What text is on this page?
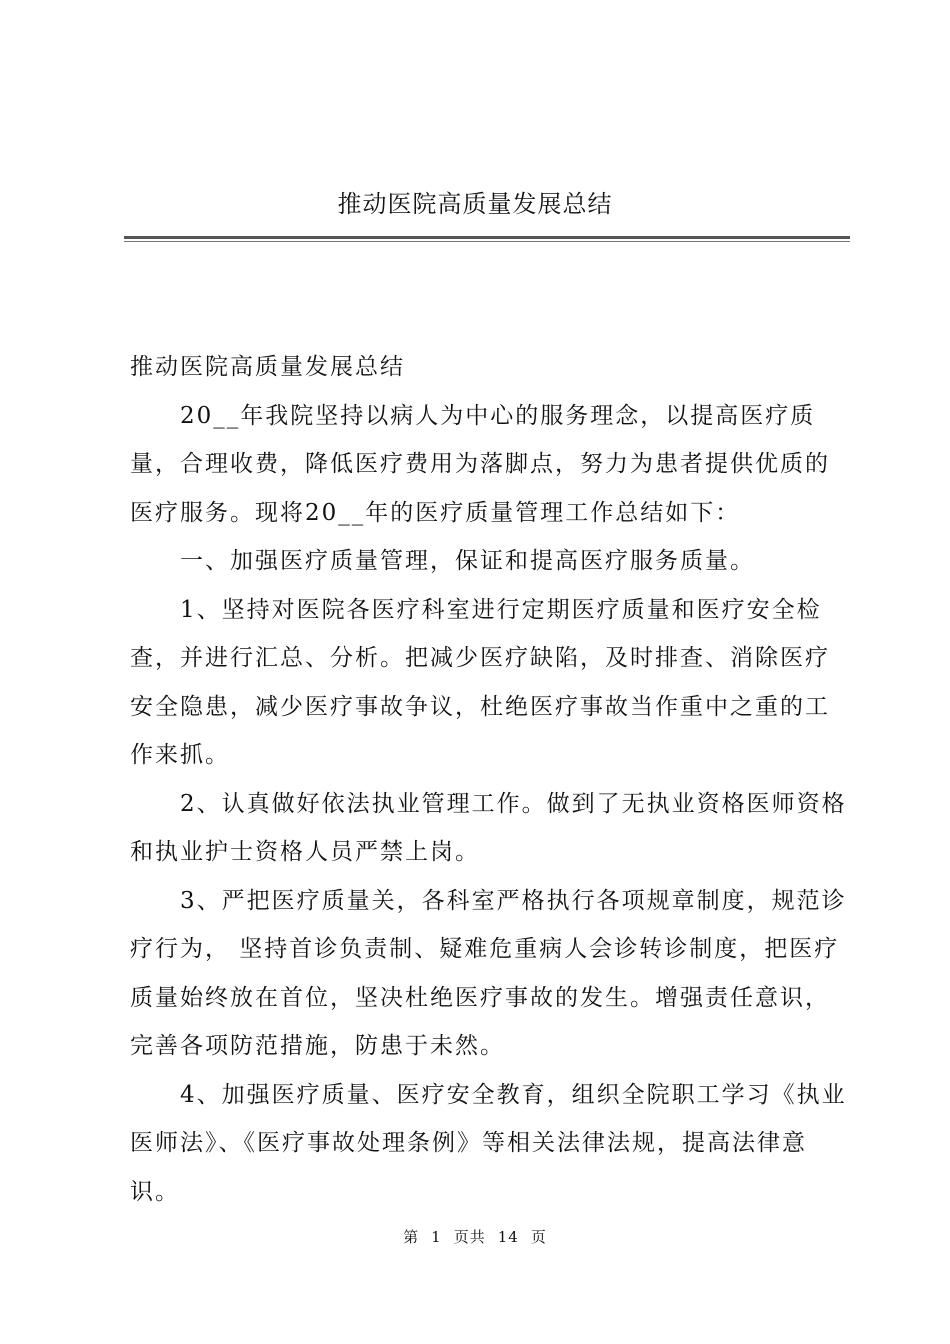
推动医院高质量发展总结

推动医院高质量发展总结

20__年我院坚持以病人为中心的服务理念，以提高医疗质量，合理收费，降低医疗费用为落脚点，努力为患者提供优质的医疗服务。现将20__年的医疗质量管理工作总结如下：

一、加强医疗质量管理，保证和提高医疗服务质量。

1、坚持对医院各医疗科室进行定期医疗质量和医疗安全检查，并进行汇总、分析。把减少医疗缺陷，及时排查、消除医疗安全隐患，减少医疗事故争议，杜绝医疗事故当作重中之重的工作来抓。

2、认真做好依法执业管理工作。做到了无执业资格医师资格和执业护士资格人员严禁上岗。

3、严把医疗质量关，各科室严格执行各项规章制度，规范诊疗行为， 坚持首诊负责制、疑难危重病人会诊转诊制度，把医疗质量始终放在首位，坚决杜绝医疗事故的发生。增强责任意识，完善各项防范措施，防患于未然。

4、加强医疗质量、医疗安全教育，组织全院职工学习《执业医师法》、《医疗事故处理条例》等相关法律法规，提高法律意识。

第 1 页共 14 页
